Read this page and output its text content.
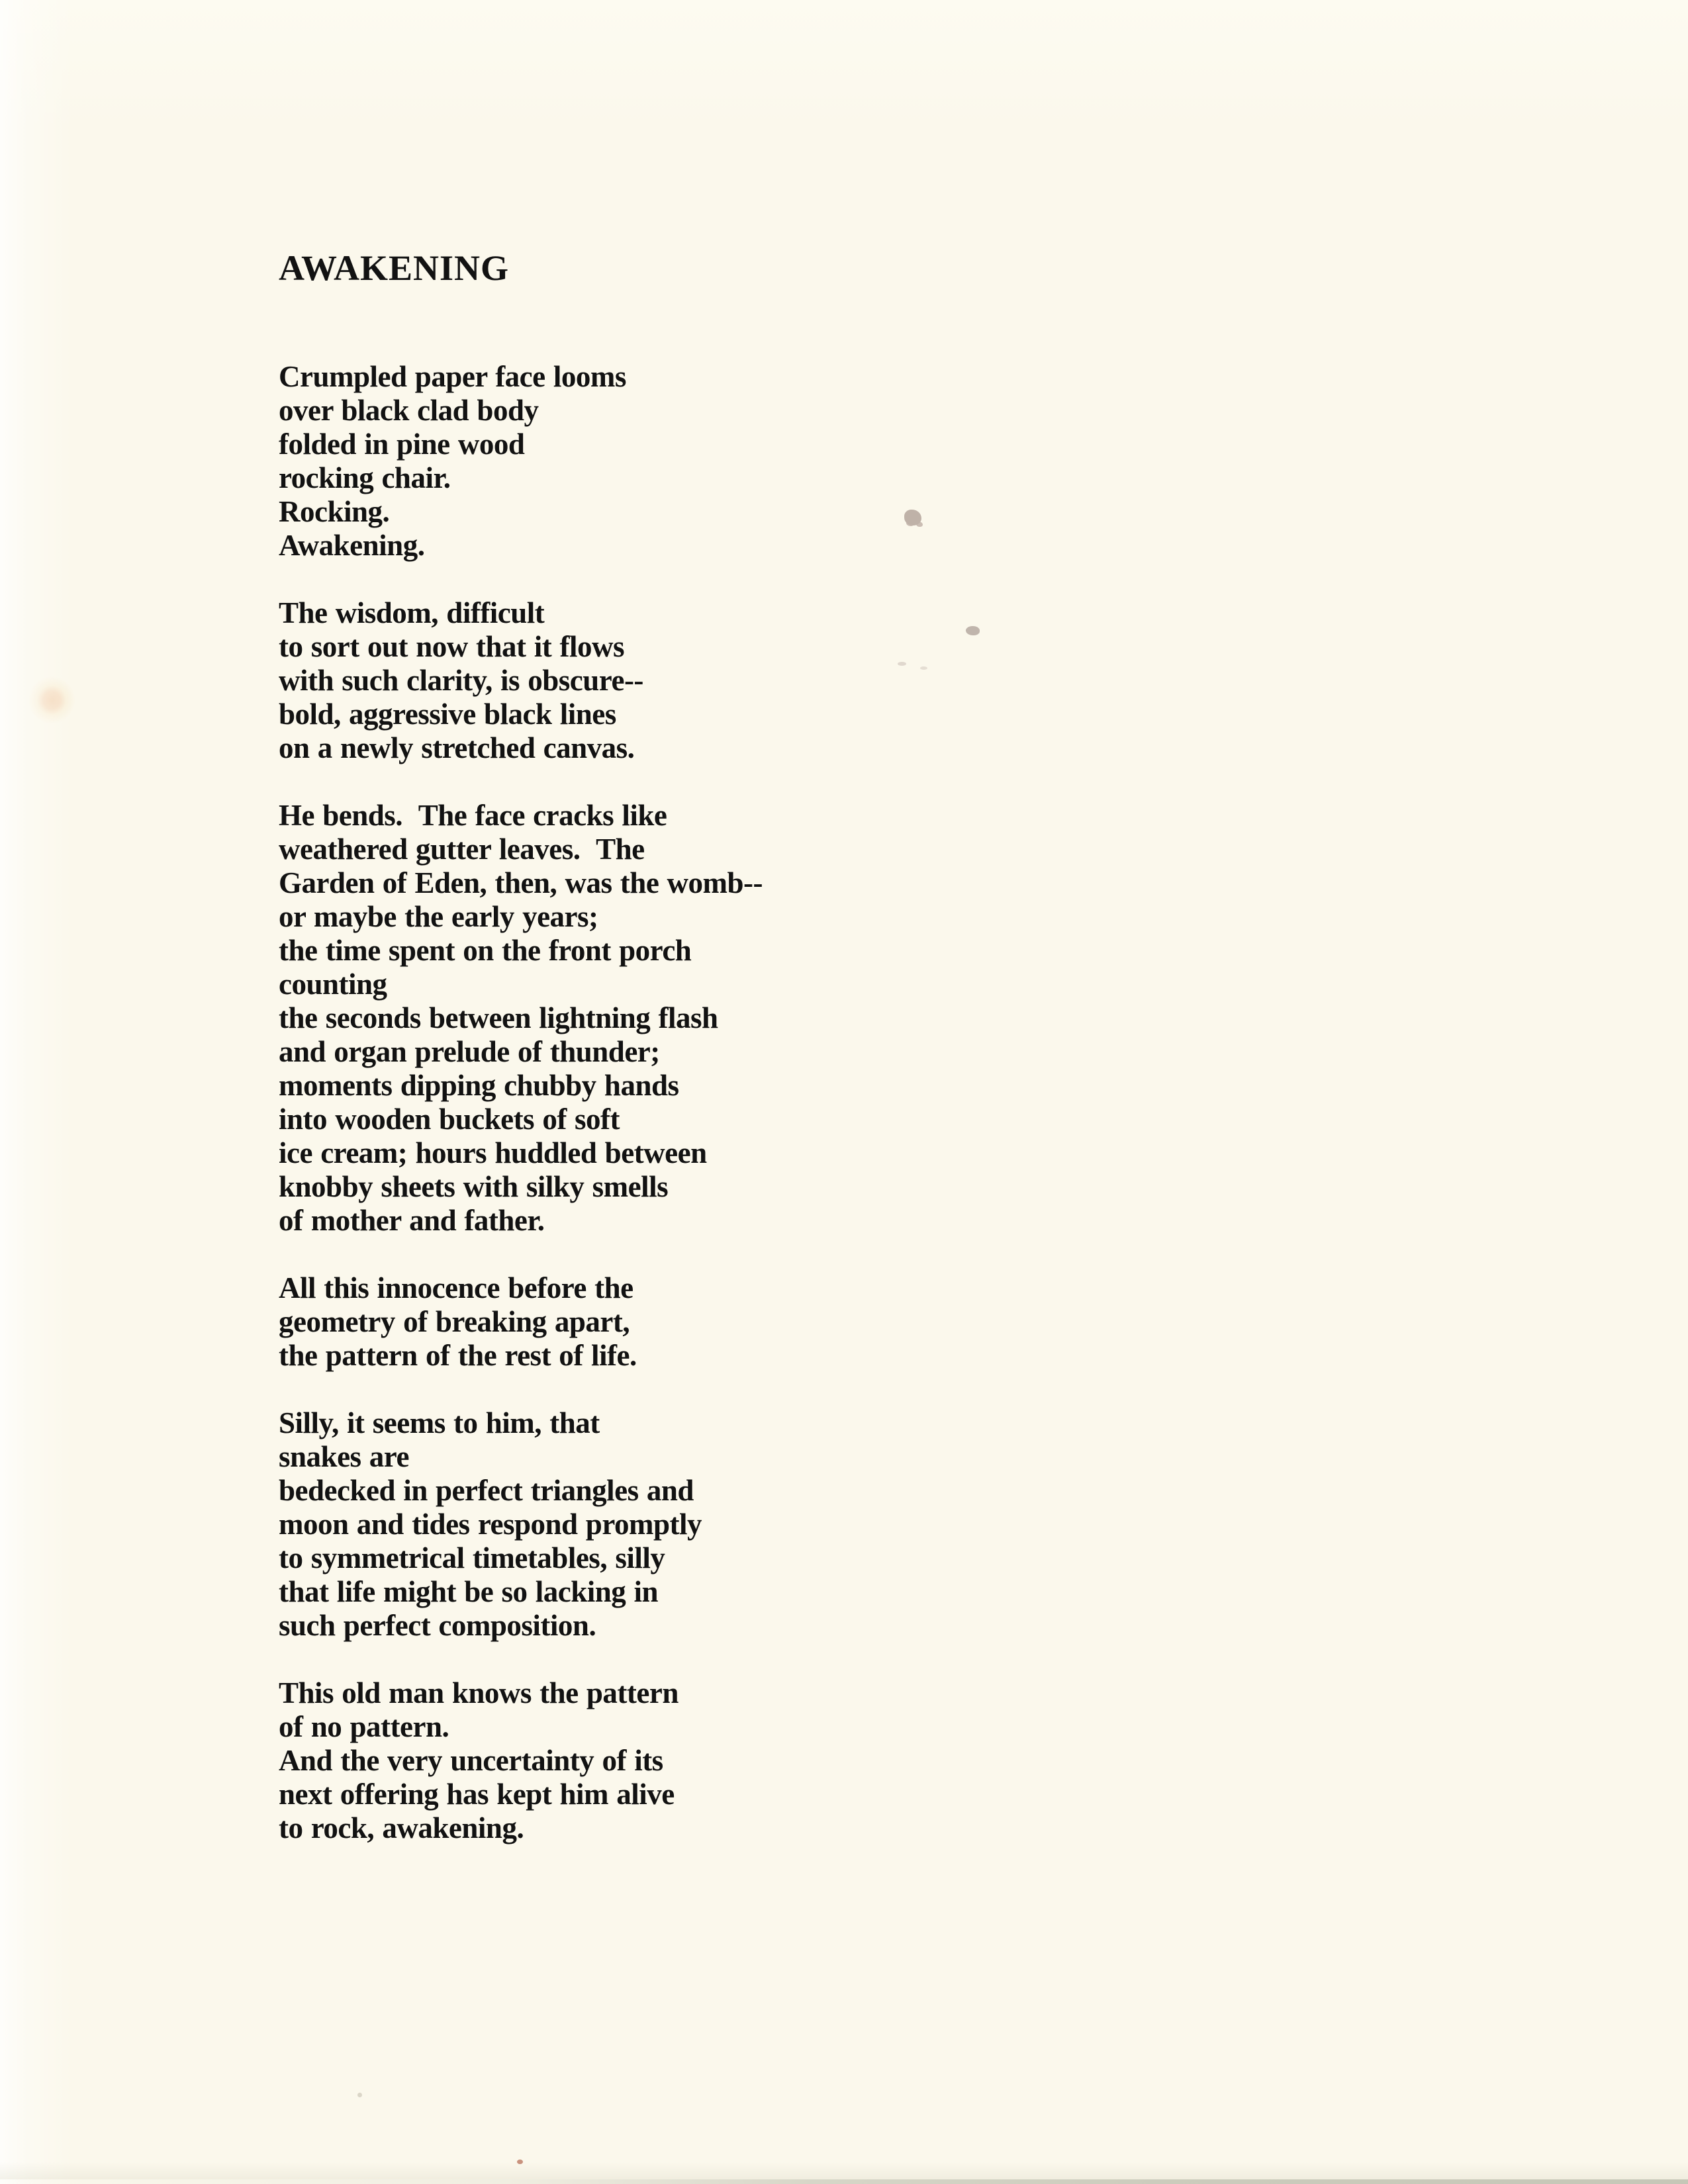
AWAKENING
Crumpled paper face looms
over black clad body
folded in pine wood
rocking chair.
Rocking.
Awakening.
The wisdom, difficult
to sort out now that it flows
with such clarity, is obscure--
bold, aggressive black lines
on a newly stretched canvas.
He bends.  The face cracks like
weathered gutter leaves.  The
Garden of Eden, then, was the womb--
or maybe the early years;
the time spent on the front porch
counting
the seconds between lightning flash
and organ prelude of thunder;
moments dipping chubby hands
into wooden buckets of soft
ice cream; hours huddled between
knobby sheets with silky smells
of mother and father.
All this innocence before the
geometry of breaking apart,
the pattern of the rest of life.
Silly, it seems to him, that
snakes are
bedecked in perfect triangles and
moon and tides respond promptly
to symmetrical timetables, silly
that life might be so lacking in
such perfect composition.
This old man knows the pattern
of no pattern.
And the very uncertainty of its
next offering has kept him alive
to rock, awakening.
